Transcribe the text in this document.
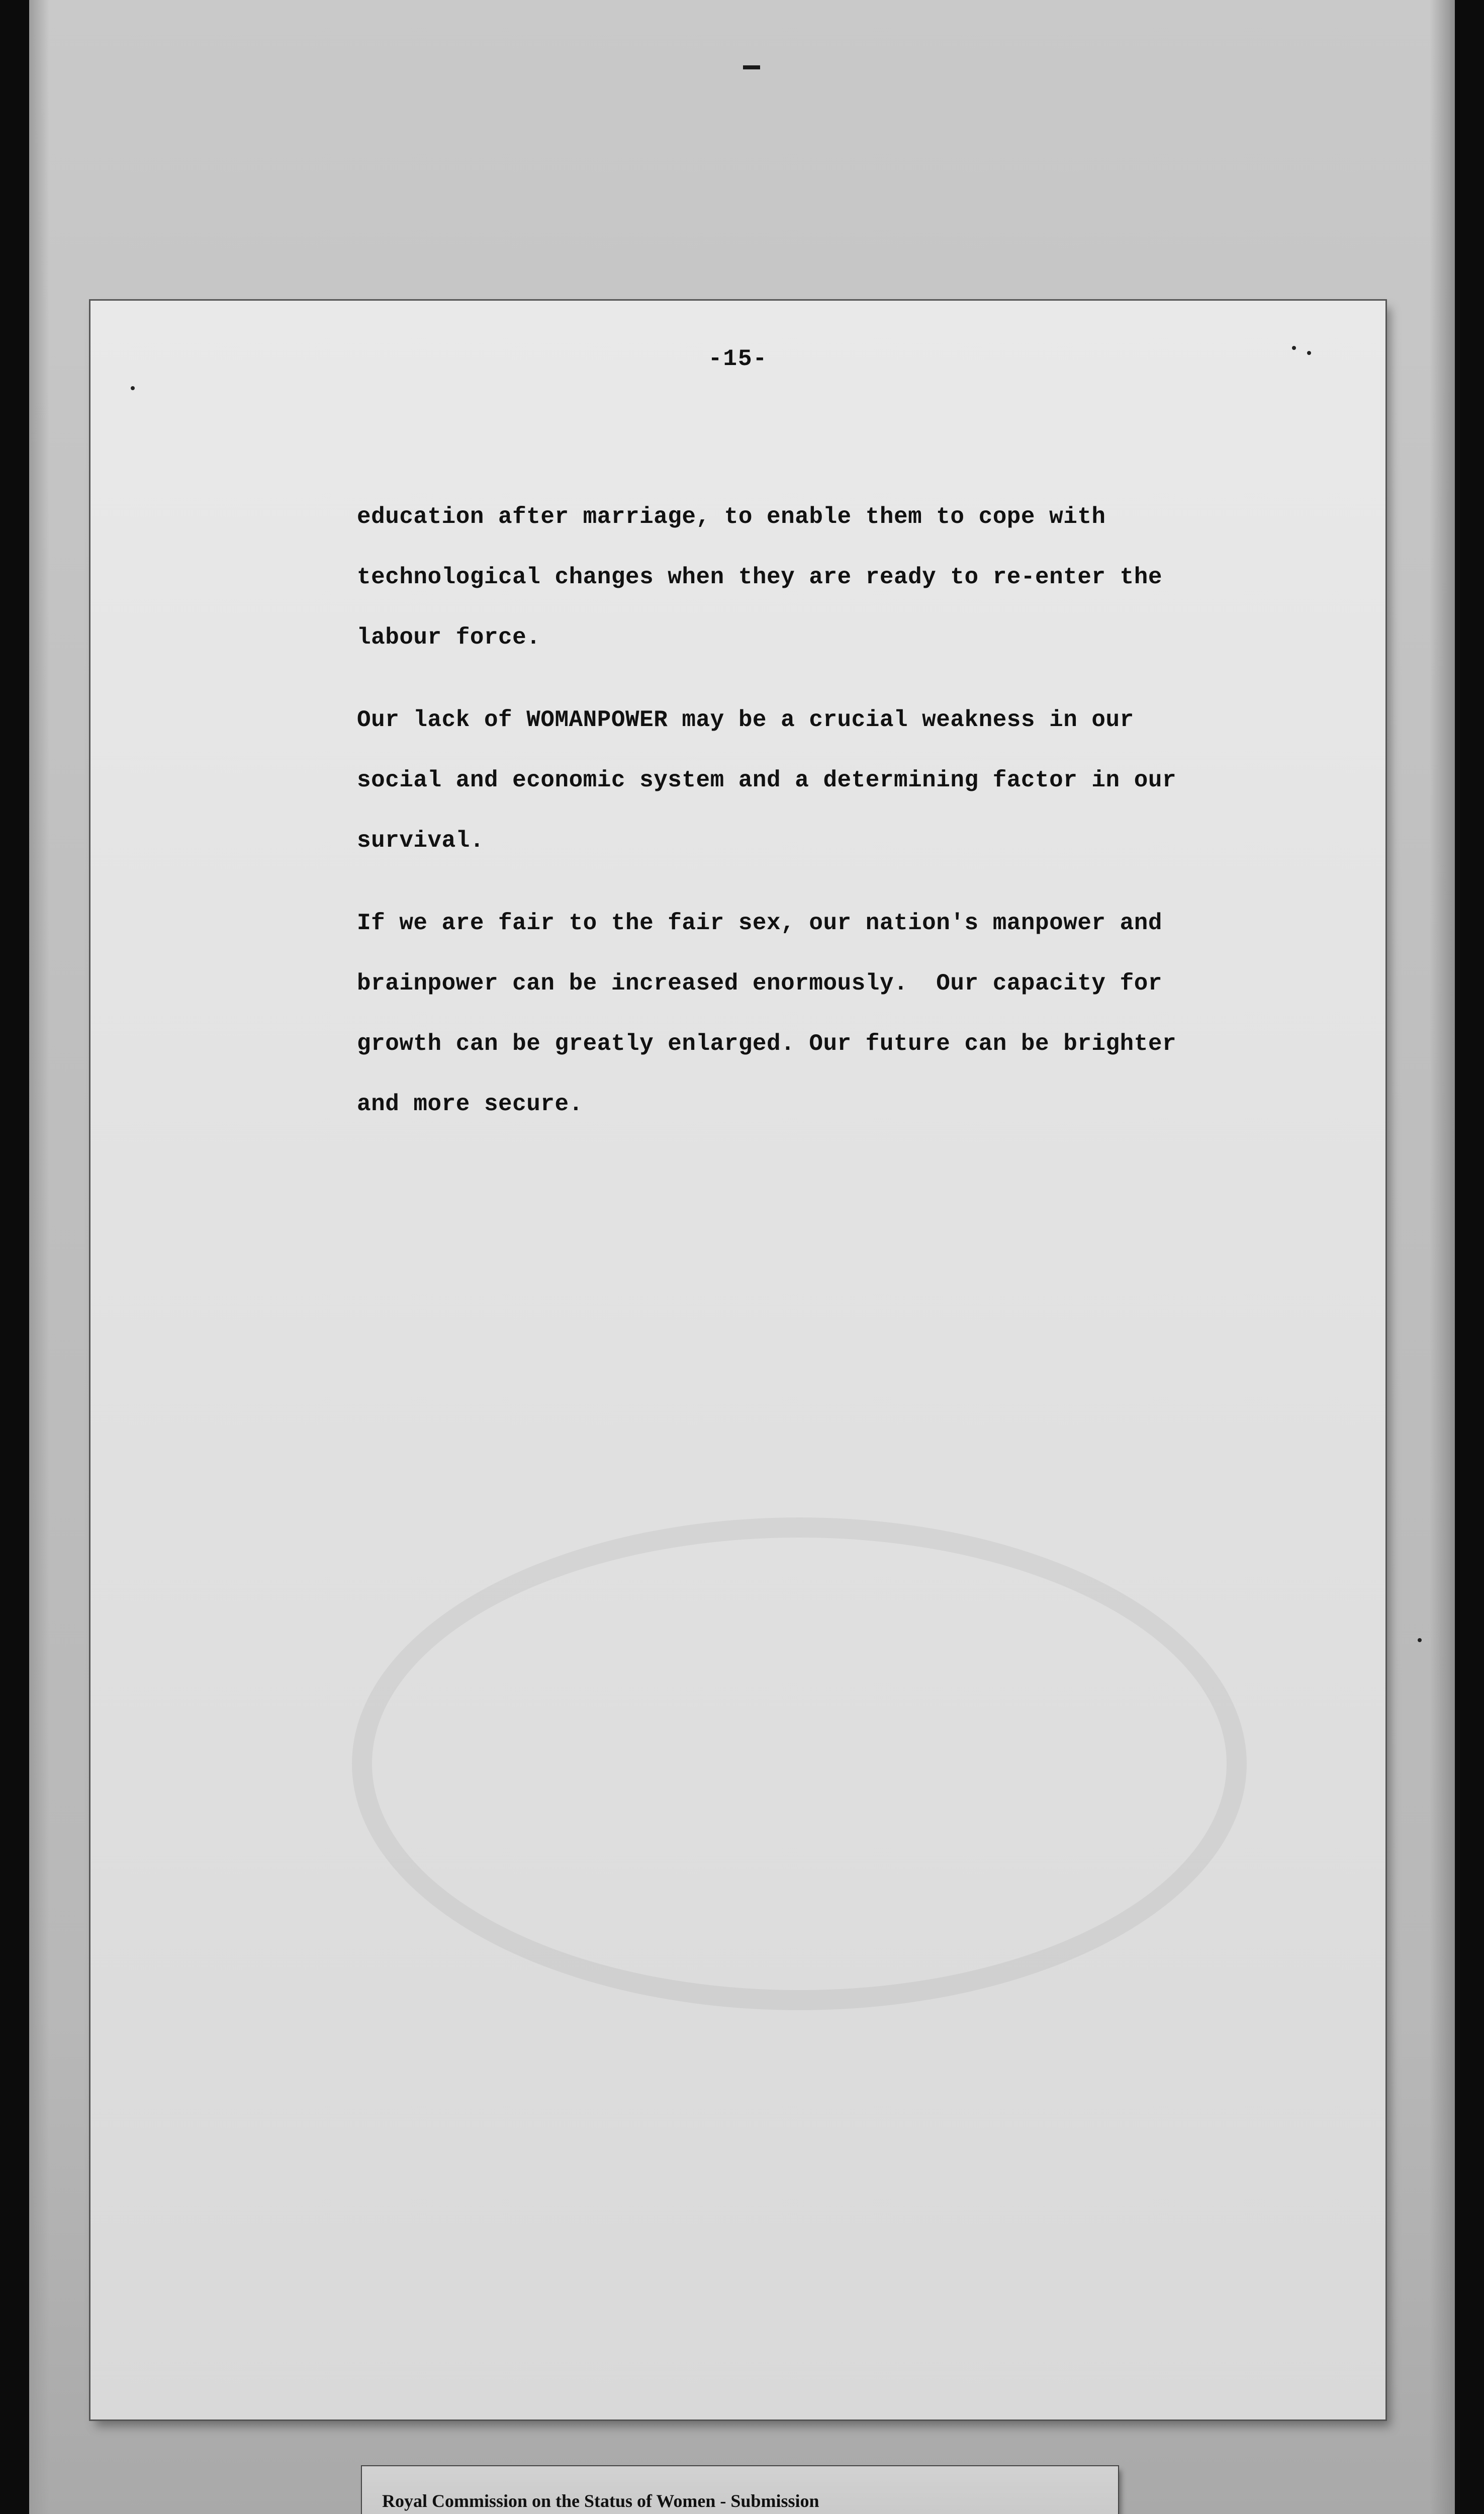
-15-
education after marriage, to enable them to cope with
technological changes when they are ready to re-enter the
labour force.
Our lack of WOMANPOWER may be a crucial weakness in our
social and economic system and a determining factor in our
survival.
If we are fair to the fair sex, our nation's manpower and
brainpower can be increased enormously.  Our capacity for
growth can be greatly enlarged. Our future can be brighter
and more secure.
Royal Commission on the Status of Women - Submission
